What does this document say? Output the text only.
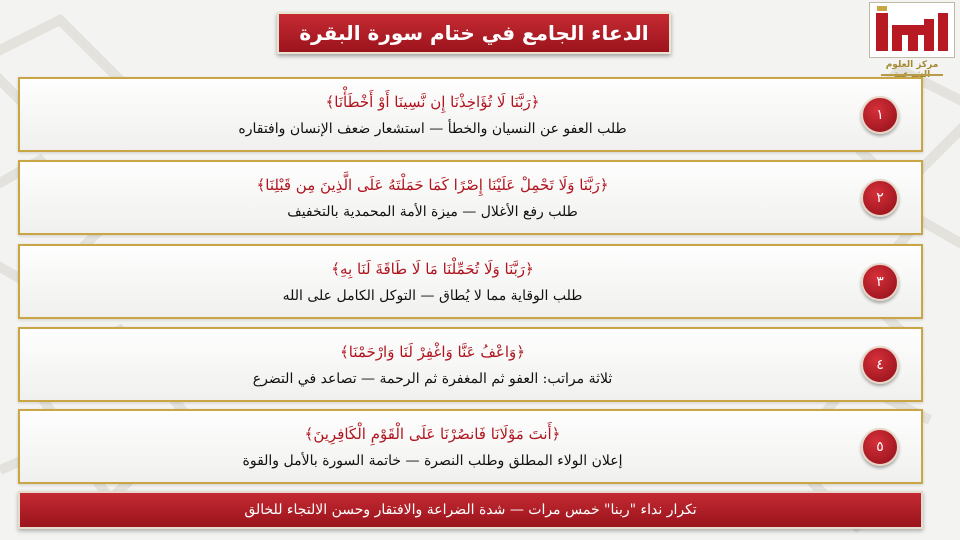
الدعاء الجامع في ختام سورة البقرة
مركز العلوم
﴿رَبَّنَا لَا تُؤَاخِذْنَا إِن نَّسِينَا أَوْ أَخْطَأْنَا﴾
طلب العفو عن النسيان والخطأ — استشعار ضعف الإنسان وافتقاره
١
﴿رَبَّنَا وَلَا تَحْمِلْ عَلَيْنَا إِصْرًا كَمَا حَمَلْتَهُ عَلَى الَّذِينَ مِن قَبْلِنَا﴾
طلب رفع الأغلال — ميزة الأمة المحمدية بالتخفيف
٢
﴿رَبَّنَا وَلَا تُحَمِّلْنَا مَا لَا طَاقَةَ لَنَا بِهِ﴾
طلب الوقاية مما لا يُطاق — التوكل الكامل على الله
٣
﴿وَاعْفُ عَنَّا وَاغْفِرْ لَنَا وَارْحَمْنَا﴾
ثلاثة مراتب: العفو ثم المغفرة ثم الرحمة — تصاعد في التضرع
٤
﴿أَنتَ مَوْلَانَا فَانصُرْنَا عَلَى الْقَوْمِ الْكَافِرِينَ﴾
إعلان الولاء المطلق وطلب النصرة — خاتمة السورة بالأمل والقوة
٥
تكرار نداء "ربنا" خمس مرات — شدة الضراعة والافتقار وحسن الالتجاء للخالق
